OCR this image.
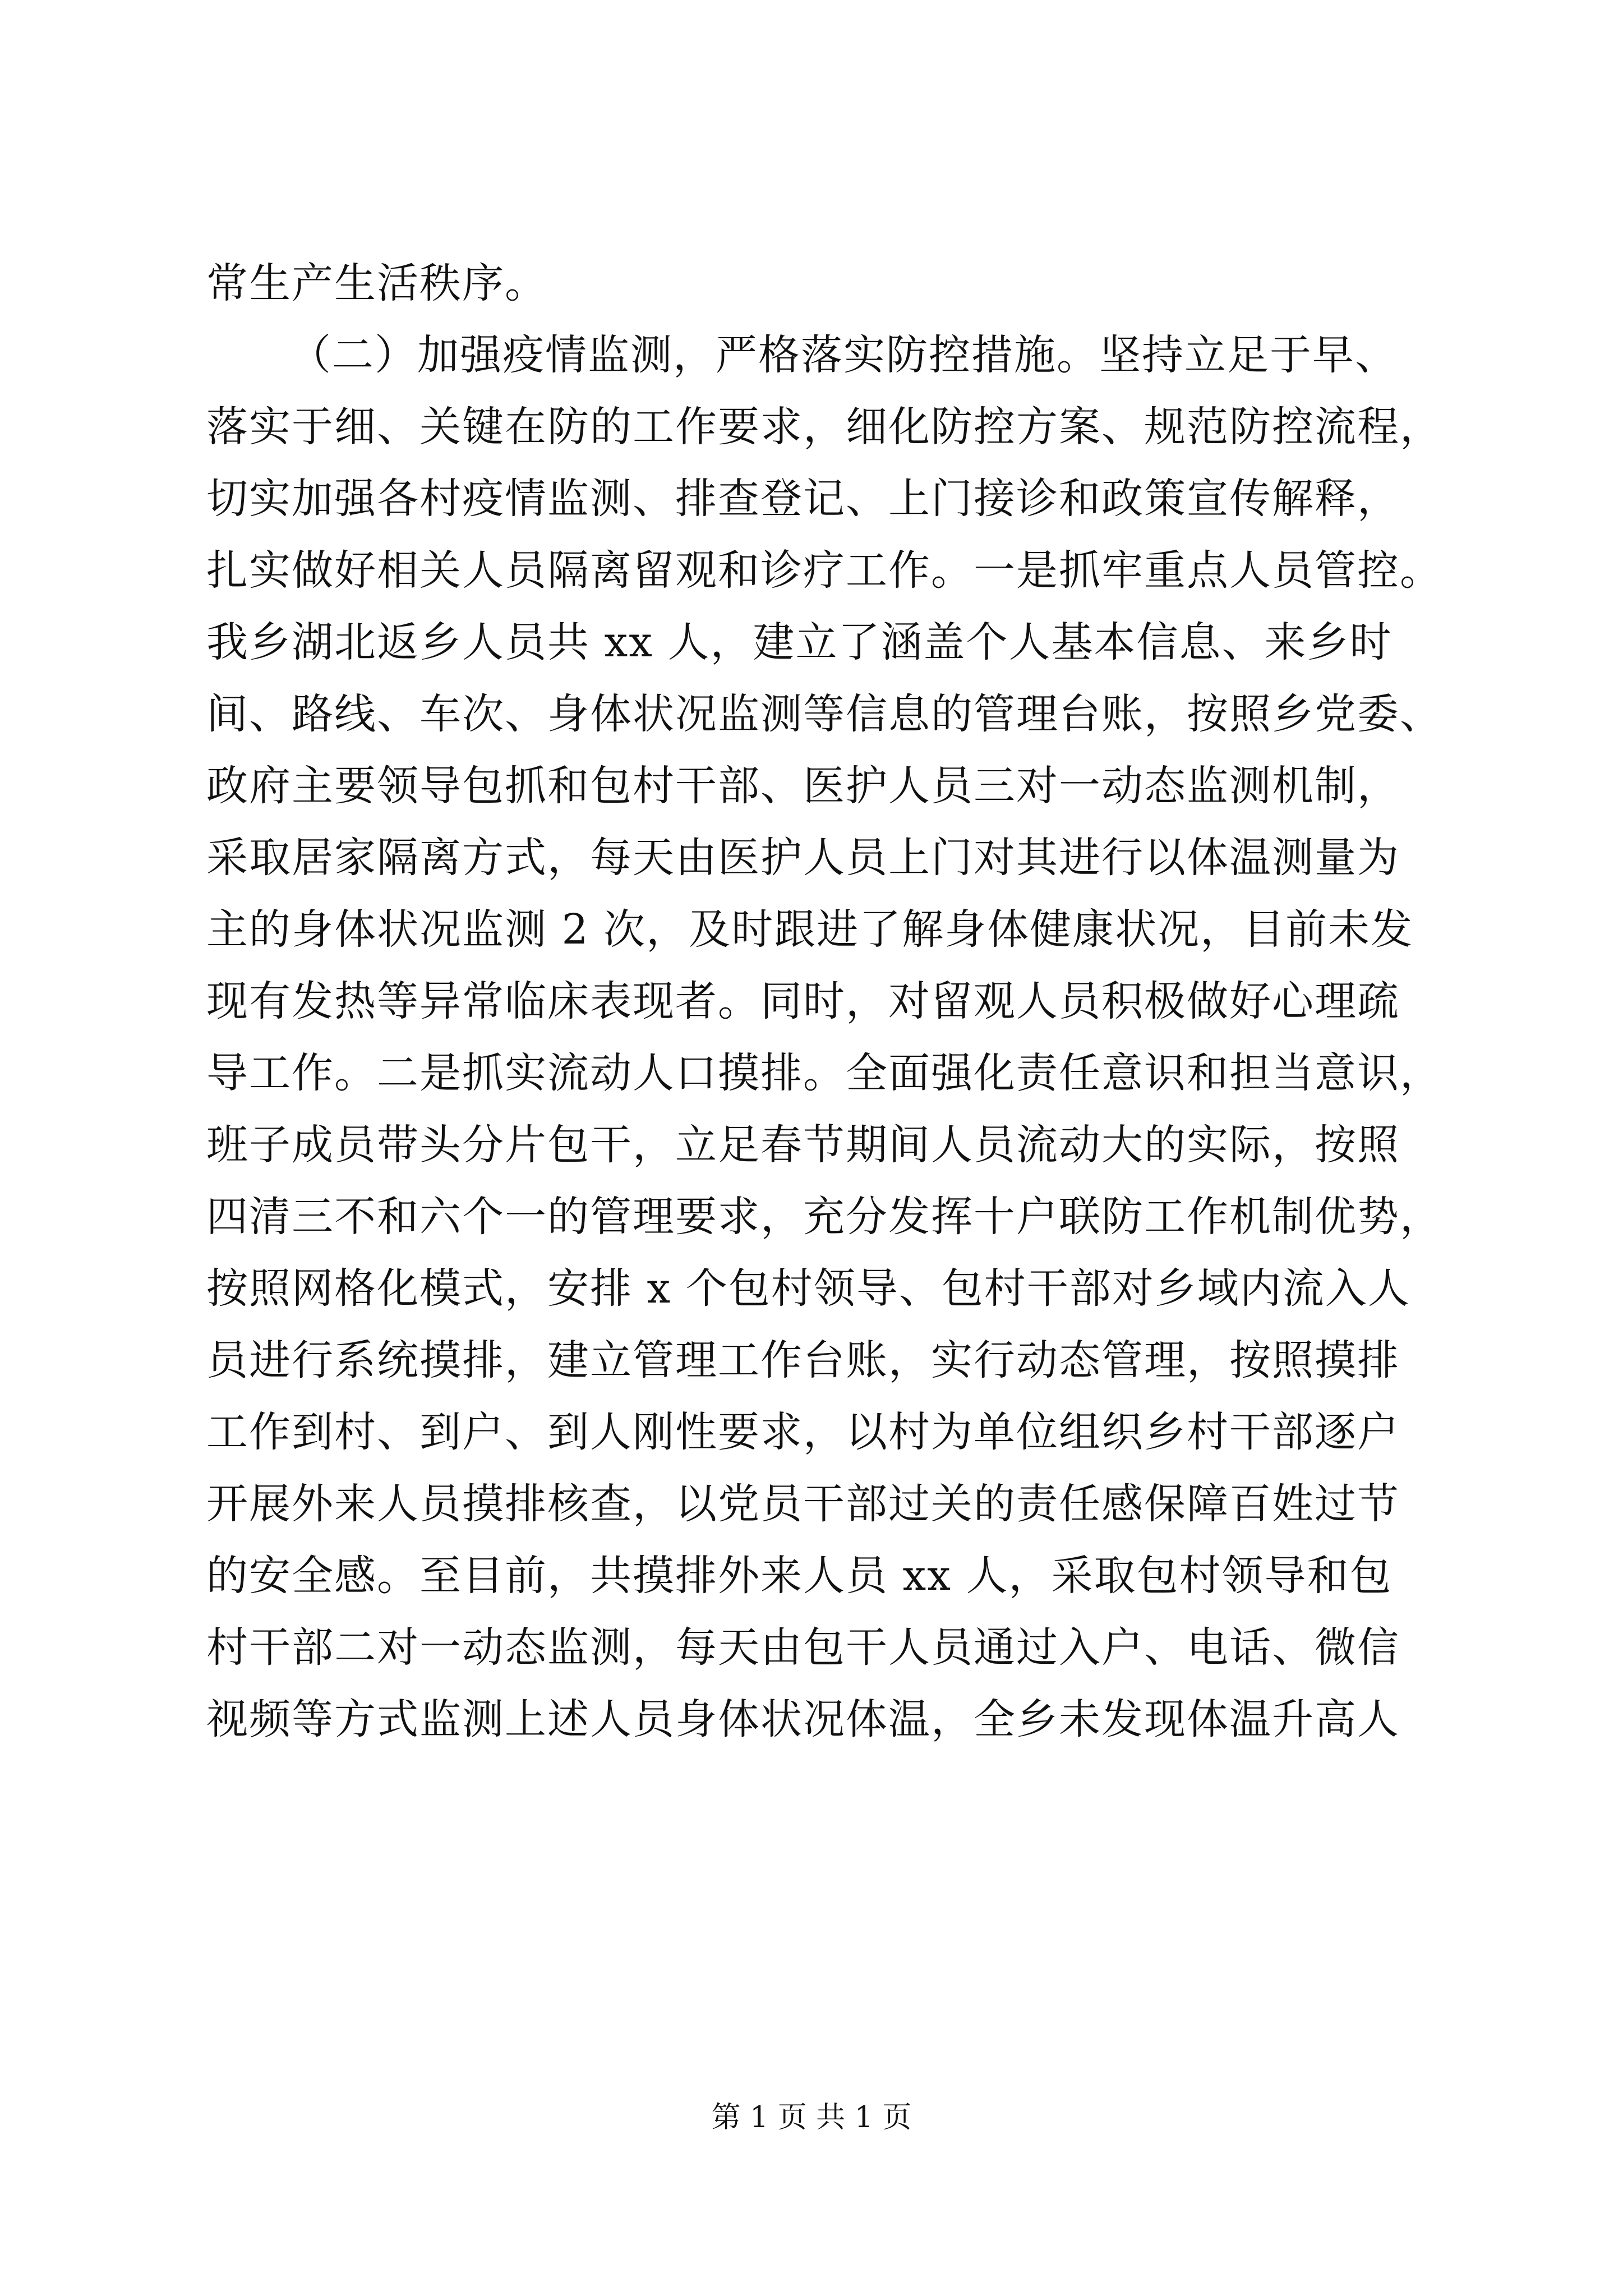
常生产生活秩序。
（二）加强疫情监测，严格落实防控措施。坚持立足于早、
落实于细、关键在防的工作要求，细化防控方案、规范防控流程，
切实加强各村疫情监测、排查登记、上门接诊和政策宣传解释，
扎实做好相关人员隔离留观和诊疗工作。一是抓牢重点人员管控。
我乡湖北返乡人员共 xx 人，建立了涵盖个人基本信息、来乡时
间、路线、车次、身体状况监测等信息的管理台账，按照乡党委、
政府主要领导包抓和包村干部、医护人员三对一动态监测机制，
采取居家隔离方式，每天由医护人员上门对其进行以体温测量为
主的身体状况监测 2 次，及时跟进了解身体健康状况，目前未发
现有发热等异常临床表现者。同时，对留观人员积极做好心理疏
导工作。二是抓实流动人口摸排。全面强化责任意识和担当意识，
班子成员带头分片包干，立足春节期间人员流动大的实际，按照
四清三不和六个一的管理要求，充分发挥十户联防工作机制优势，
按照网格化模式，安排 x 个包村领导、包村干部对乡域内流入人
员进行系统摸排，建立管理工作台账，实行动态管理，按照摸排
工作到村、到户、到人刚性要求，以村为单位组织乡村干部逐户
开展外来人员摸排核查，以党员干部过关的责任感保障百姓过节
的安全感。至目前，共摸排外来人员 xx 人，采取包村领导和包
村干部二对一动态监测，每天由包干人员通过入户、电话、微信
视频等方式监测上述人员身体状况体温，全乡未发现体温升高人
第 1 页 共 1 页
